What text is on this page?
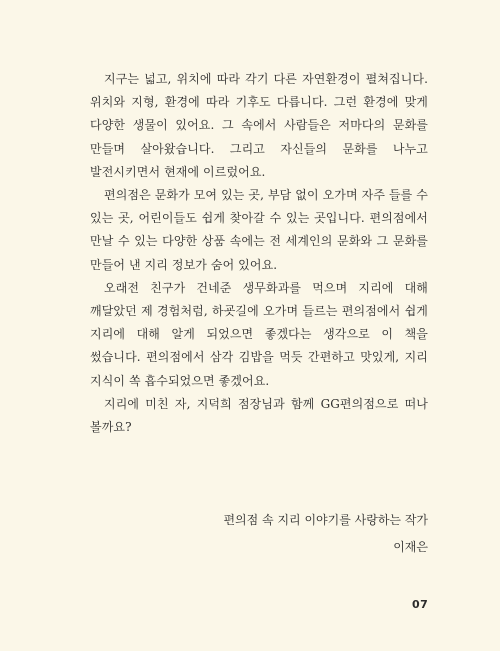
지구는 넓고, 위치에 따라 각기 다른 자연환경이 펼쳐집니다. 위치와 지형, 환경에 따라 기후도 다릅니다. 그런 환경에 맞게 다양한 생물이 있어요. 그 속에서 사람들은 저마다의 문화를 만들며 살아왔습니다. 그리고 자신들의 문화를 나누고 발전시키면서 현재에 이르렀어요.

편의점은 문화가 모여 있는 곳, 부담 없이 오가며 자주 들를 수 있는 곳, 어린이들도 쉽게 찾아갈 수 있는 곳입니다. 편의점에서 만날 수 있는 다양한 상품 속에는 전 세계인의 문화와 그 문화를 만들어 낸 지리 정보가 숨어 있어요.

오래전 친구가 건네준 생무화과를 먹으며 지리에 대해 깨달았던 제 경험처럼, 하굣길에 오가며 들르는 편의점에서 쉽게 지리에 대해 알게 되었으면 좋겠다는 생각으로 이 책을 썼습니다. 편의점에서 삼각 김밥을 먹듯 간편하고 맛있게, 지리 지식이 쏙 흡수되었으면 좋겠어요.

지리에 미친 자, 지덕희 점장님과 함께 GG편의점으로 떠나 볼까요?

편의점 속 지리 이야기를 사랑하는 작가
이재은
07
